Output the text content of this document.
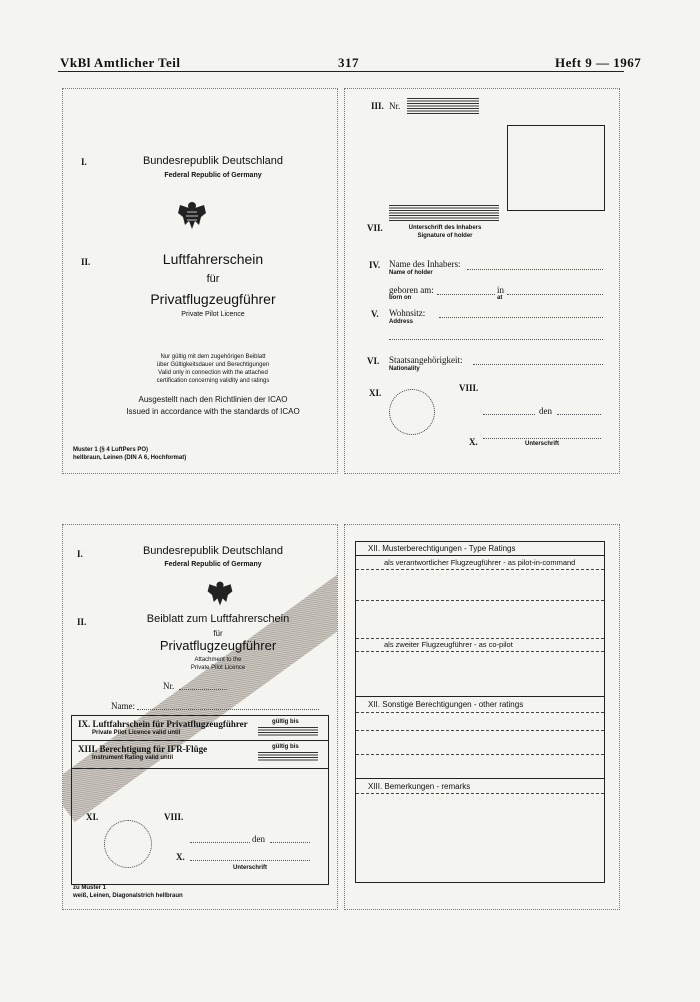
VkBl Amtlicher Teil	317	Heft 9 — 1967
I.	Bundesrepublik Deutschland
Federal Republic of Germany
II.	Luftfahrerschein
für
Privatflugzeugführer
Private Pilot Licence
Nur gültig mit dem zugehörigen Beiblatt
über Gültigkeitsdauer und Berechtigungen
Valid only in connection with the attached
certification concerning validity and ratings
Ausgestellt nach den Richtlinien der ICAO
Issued in accordance with the standards of ICAO
Muster 1 (§ 4 LuftPers PO)
hellbraun, Leinen (DIN A 6, Hochformat)
III. Nr.
VII.	Unterschrift des Inhabers
Signature of holder
IV. Name des Inhabers:
Name of holder
geboren am:	in
born on	at
V. Wohnsitz:
Address
VI. Staatsangehörigkeit:
Nationality
XI.	VIII.
den
X.	Unterschrift
I.	Bundesrepublik Deutschland
Federal Republic of Germany
II.	Beiblatt zum Luftfahrerschein
für
Privatflugzeugführer
Attachment to the
Private Pilot Licence
Nr.
Name:
IX. Luftfahrschein für Privatflugzeugführer
Private Pilot Licence valid until
gültig bis
XIII. Berechtigung für IFR-Flüge
Instrument Rating valid until
gültig bis
XI.	VIII.
den
X.
Unterschrift
zu Muster 1
weiß, Leinen, Diagonalstrich hellbraun
XII. Musterberechtigungen - Type Ratings
als verantwortlicher Flugzeugführer - as pilot-in-command
als zweiter Flugzeugführer - as co-pilot
XII. Sonstige Berechtigungen - other ratings
XIII. Bemerkungen - remarks
